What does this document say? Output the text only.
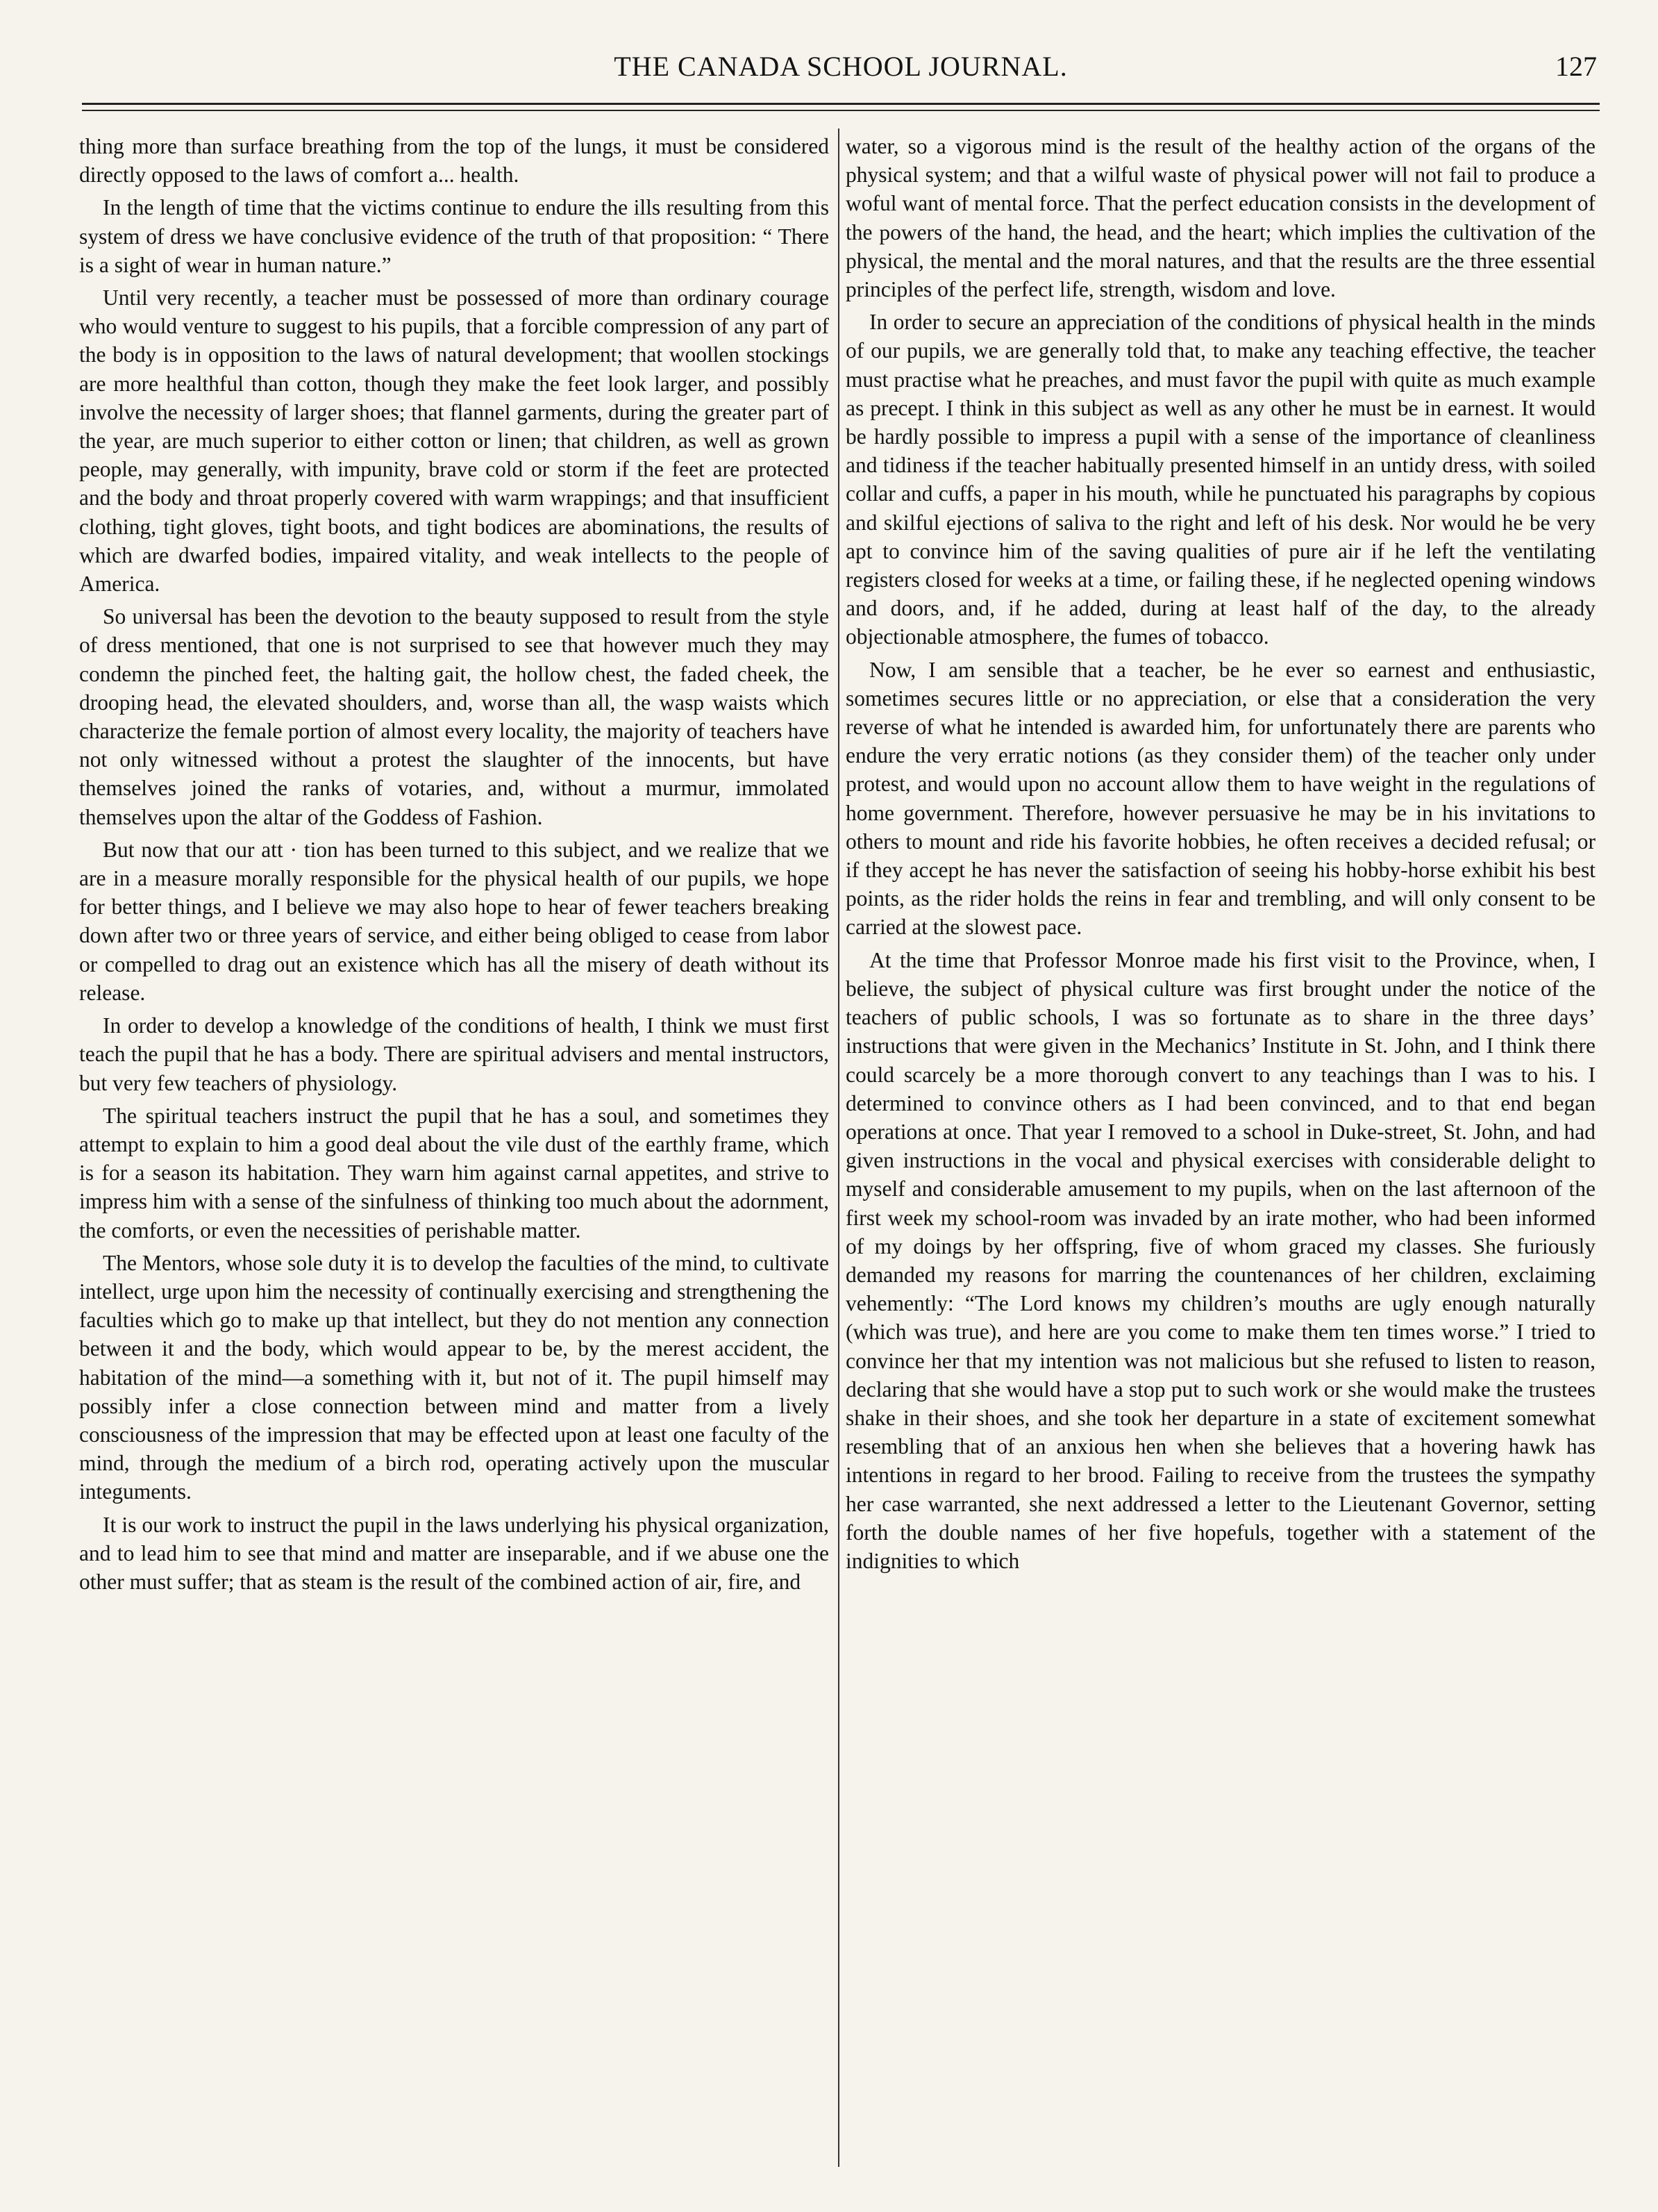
THE CANADA SCHOOL JOURNAL.	127

thing more than surface breathing from the top of the lungs, it must be considered directly opposed to the laws of comfort a... health.

In the length of time that the victims continue to endure the ills resulting from this system of dress we have conclusive evidence of the truth of that proposition: “ There is a sight of wear in human nature.”

Until very recently, a teacher must be possessed of more than ordinary courage who would venture to suggest to his pupils, that a forcible compression of any part of the body is in opposition to the laws of natural development; that woollen stockings are more healthful than cotton, though they make the feet look larger, and possibly involve the necessity of larger shoes; that flannel garments, during the greater part of the year, are much superior to either cotton or linen; that children, as well as grown people, may generally, with impunity, brave cold or storm if the feet are protected and the body and throat properly covered with warm wrappings; and that insufficient clothing, tight gloves, tight boots, and tight bodices are abominations, the results of which are dwarfed bodies, impaired vitality, and weak intellects to the people of America.

So universal has been the devotion to the beauty supposed to result from the style of dress mentioned, that one is not surprised to see that however much they may condemn the pinched feet, the halting gait, the hollow chest, the faded cheek, the drooping head, the elevated shoulders, and, worse than all, the wasp waists which characterize the female portion of almost every locality, the majority of teachers have not only witnessed without a protest the slaughter of the innocents, but have themselves joined the ranks of votaries, and, without a murmur, immolated themselves upon the altar of the Goddess of Fashion.

But now that our att · tion has been turned to this subject, and we realize that we are in a measure morally responsible for the physical health of our pupils, we hope for better things, and I believe we may also hope to hear of fewer teachers breaking down after two or three years of service, and either being obliged to cease from labor or compelled to drag out an existence which has all the misery of death without its release.

In order to develop a knowledge of the conditions of health, I think we must first teach the pupil that he has a body. There are spiritual advisers and mental instructors, but very few teachers of physiology.

The spiritual teachers instruct the pupil that he has a soul, and sometimes they attempt to explain to him a good deal about the vile dust of the earthly frame, which is for a season its habitation. They warn him against carnal appetites, and strive to impress him with a sense of the sinfulness of thinking too much about the adornment, the comforts, or even the necessities of perishable matter.

The Mentors, whose sole duty it is to develop the faculties of the mind, to cultivate intellect, urge upon him the necessity of continually exercising and strengthening the faculties which go to make up that intellect, but they do not mention any connection between it and the body, which would appear to be, by the merest accident, the habitation of the mind—a something with it, but not of it. The pupil himself may possibly infer a close connection between mind and matter from a lively consciousness of the impression that may be effected upon at least one faculty of the mind, through the medium of a birch rod, operating actively upon the muscular integuments.

It is our work to instruct the pupil in the laws underlying his physical organization, and to lead him to see that mind and matter are inseparable, and if we abuse one the other must suffer; that as steam is the result of the combined action of air, fire, and

water, so a vigorous mind is the result of the healthy action of the organs of the physical system; and that a wilful waste of physical power will not fail to produce a woful want of mental force. That the perfect education consists in the development of the powers of the hand, the head, and the heart; which implies the cultivation of the physical, the mental and the moral natures, and that the results are the three essential principles of the perfect life, strength, wisdom and love.

In order to secure an appreciation of the conditions of physical health in the minds of our pupils, we are generally told that, to make any teaching effective, the teacher must practise what he preaches, and must favor the pupil with quite as much example as precept. I think in this subject as well as any other he must be in earnest. It would be hardly possible to impress a pupil with a sense of the importance of cleanliness and tidiness if the teacher habitually presented himself in an untidy dress, with soiled collar and cuffs, a paper in his mouth, while he punctuated his paragraphs by copious and skilful ejections of saliva to the right and left of his desk. Nor would he be very apt to convince him of the saving qualities of pure air if he left the ventilating registers closed for weeks at a time, or failing these, if he neglected opening windows and doors, and, if he added, during at least half of the day, to the already objectionable atmosphere, the fumes of tobacco.

Now, I am sensible that a teacher, be he ever so earnest and enthusiastic, sometimes secures little or no appreciation, or else that a consideration the very reverse of what he intended is awarded him, for unfortunately there are parents who endure the very erratic notions (as they consider them) of the teacher only under protest, and would upon no account allow them to have weight in the regulations of home government. Therefore, however persuasive he may be in his invitations to others to mount and ride his favorite hobbies, he often receives a decided refusal; or if they accept he has never the satisfaction of seeing his hobby-horse exhibit his best points, as the rider holds the reins in fear and trembling, and will only consent to be carried at the slowest pace.

At the time that Professor Monroe made his first visit to the Province, when, I believe, the subject of physical culture was first brought under the notice of the teachers of public schools, I was so fortunate as to share in the three days’ instructions that were given in the Mechanics’ Institute in St. John, and I think there could scarcely be a more thorough convert to any teachings than I was to his. I determined to convince others as I had been convinced, and to that end began operations at once. That year I removed to a school in Duke-street, St. John, and had given instructions in the vocal and physical exercises with considerable delight to myself and considerable amusement to my pupils, when on the last afternoon of the first week my school-room was invaded by an irate mother, who had been informed of my doings by her offspring, five of whom graced my classes. She furiously demanded my reasons for marring the countenances of her children, exclaiming vehemently: “The Lord knows my children’s mouths are ugly enough naturally (which was true), and here are you come to make them ten times worse.” I tried to convince her that my intention was not malicious but she refused to listen to reason, declaring that she would have a stop put to such work or she would make the trustees shake in their shoes, and she took her departure in a state of excitement somewhat resembling that of an anxious hen when she believes that a hovering hawk has intentions in regard to her brood. Failing to receive from the trustees the sympathy her case warranted, she next addressed a letter to the Lieutenant Governor, setting forth the double names of her five hopefuls, together with a statement of the indignities to which
